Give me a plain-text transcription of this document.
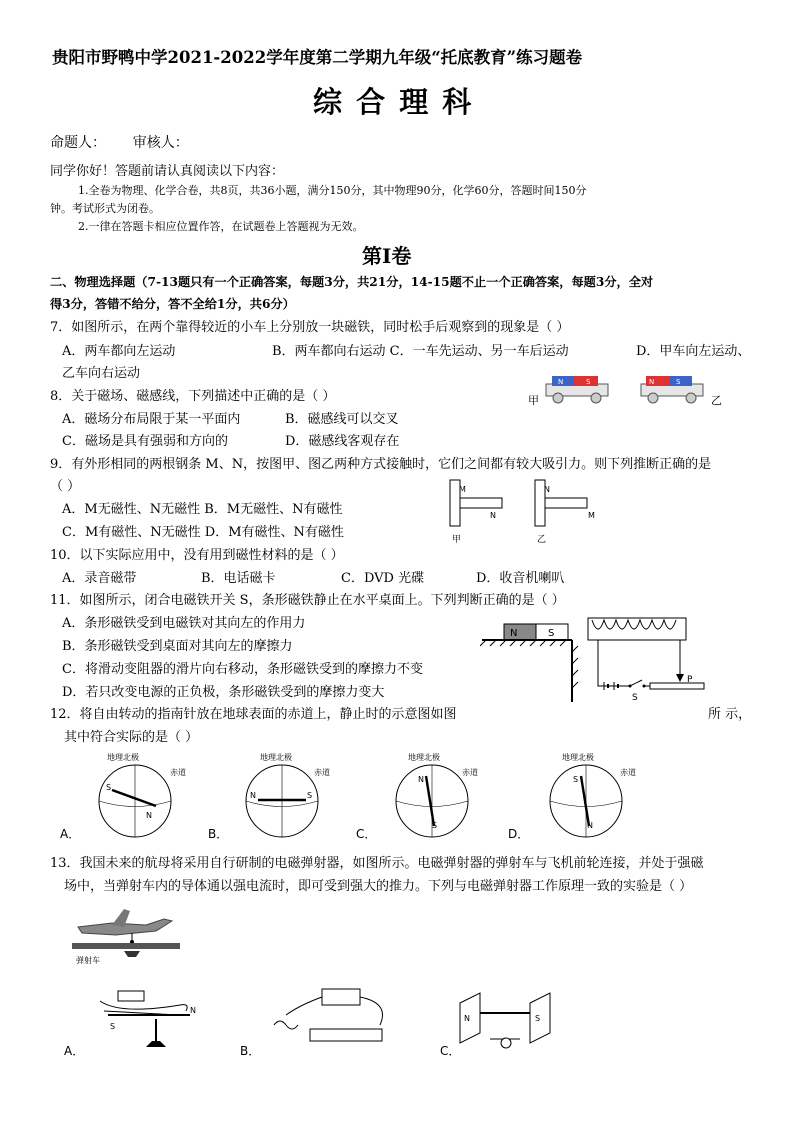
贵阳市野鸭中学2021-2022学年度第二学期九年级“托底教育”练习题卷
综 合 理 科
命题人：      审核人：
同学你好！答题前请认真阅读以下内容：
1.全卷为物理、化学合卷，共8页，共36小题，满分150分，其中物理90分，化学60分，答题时间150分
钟。考试形式为闭卷。
2.一律在答题卡相应位置作答，在试题卷上答题视为无效。
第Ⅰ卷
二、物理选择题（7-13题只有一个正确答案，每题3分，共21分，14-15题不止一个正确答案，每题3分，全对
得3分，答错不给分，答不全给1分，共6分）
7．如图所示，在两个靠得较近的小车上分别放一块磁铁，同时松手后观察到的现象是（ ）
A．两车都向左运动	B．两车都向右运动 C．一车先运动、另一车后运动	D．甲车向左运动、
乙车向右运动
甲
N	S	N	S
乙
8．关于磁场、磁感线，下列描述中正确的是（ ）
A．磁场分布局限于某一平面内	B．磁感线可以交叉
C．磁场是具有强弱和方向的	D．磁感线客观存在
9．有外形相同的两根钢条 M、N，按图甲、图乙两种方式接触时，它们之间都有较大吸引力。则下列推断正确的是
（ ）
A．M无磁性、N无磁性 B．M无磁性、N有磁性
C．M有磁性、N无磁性 D．M有磁性、N有磁性
M
N
甲
N
M
乙
10．以下实际应用中，没有用到磁性材料的是（ ）
A．录音磁带	B．电话磁卡	C．DVD 光碟	D．收音机喇叭
11．如图所示，闭合电磁铁开关 S，条形磁铁静止在水平桌面上。下列判断正确的是（ ）
A．条形磁铁受到电磁铁对其向左的作用力
B．条形磁铁受到桌面对其向左的摩擦力
C．将滑动变阻器的滑片向右移动，条形磁铁受到的摩擦力不变
D．若只改变电源的正负极，条形磁铁受到的摩擦力变大
N	S
S
P
12．将自由转动的指南针放在地球表面的赤道上，静止时的示意图如图	所 示，
其中符合实际的是（ ）
A．
地理北极
赤道
S
N
B．
地理北极
赤道
N	S
C．
地理北极
赤道
N
S
D．
地理北极
赤道
S
N
13．我国未来的航母将采用自行研制的电磁弹射器，如图所示。电磁弹射器的弹射车与飞机前轮连接，并处于强磁
场中，当弹射车内的导体通以强电流时，即可受到强大的推力。下列与电磁弹射器工作原理一致的实验是（ ）
弹射车
A．
S
N
B．	C．
N	S
